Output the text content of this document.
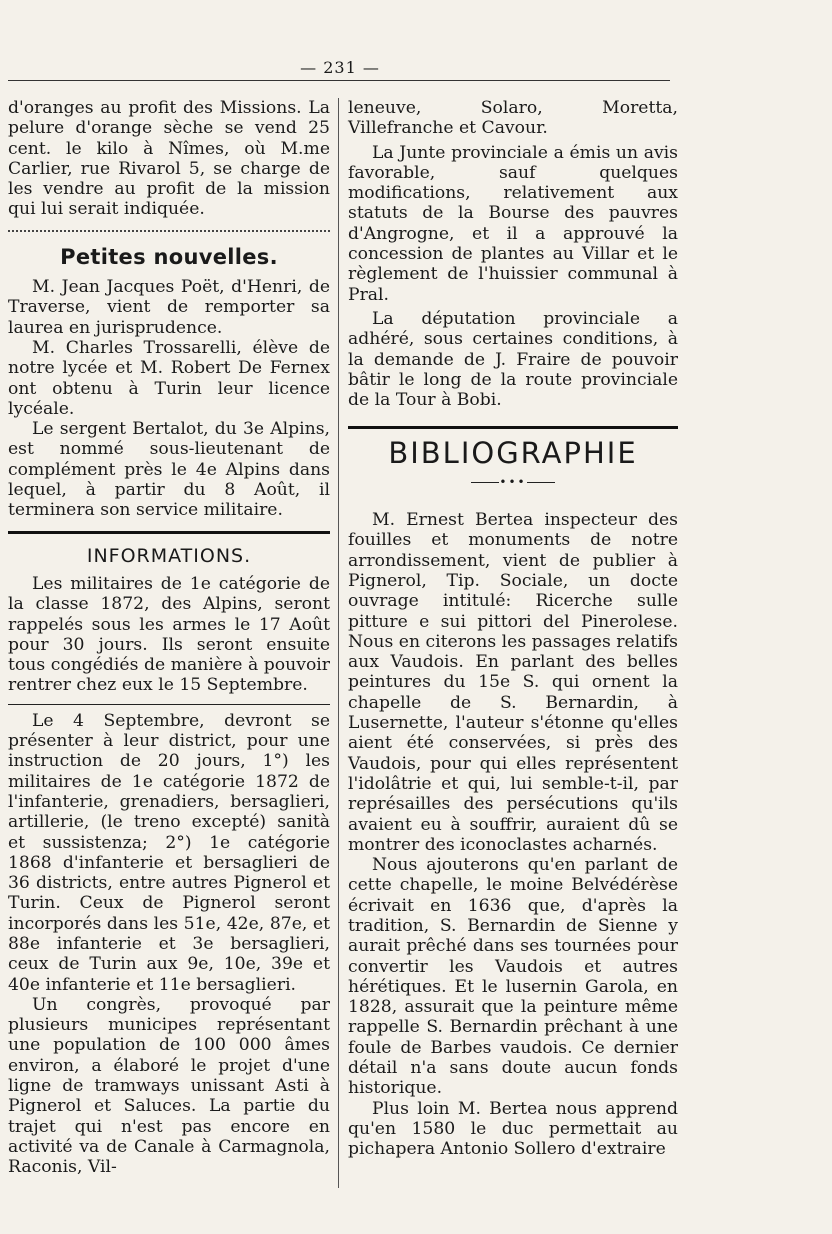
— 231 —

d'oranges au profit des Missions. La pelure d'orange sèche se vend 25 cent. le kilo à Nîmes, où M.me Carlier, rue Rivarol 5, se charge de les vendre au profit de la mission qui lui serait indiquée.

Petites nouvelles.

M. Jean Jacques Poët, d'Henri, de Traverse, vient de remporter sa laurea en jurisprudence.

M. Charles Trossarelli, élève de notre lycée et M. Robert De Fernex ont obtenu à Turin leur licence lycéale.

Le sergent Bertalot, du 3e Alpins, est nommé sous-lieutenant de complément près le 4e Alpins dans lequel, à partir du 8 Août, il terminera son service militaire.

INFORMATIONS.

Les militaires de 1e catégorie de la classe 1872, des Alpins, seront rappelés sous les armes le 17 Août pour 30 jours. Ils seront ensuite tous congédiés de manière à pouvoir rentrer chez eux le 15 Septembre.

Le 4 Septembre, devront se présenter à leur district, pour une instruction de 20 jours, 1°) les militaires de 1e catégorie 1872 de l'infanterie, grenadiers, bersaglieri, artillerie, (le treno excepté) sanità et sussistenza; 2°) 1e catégorie 1868 d'infanterie et bersaglieri de 36 districts, entre autres Pignerol et Turin. Ceux de Pignerol seront incorporés dans les 51e, 42e, 87e, et 88e infanterie et 3e bersaglieri, ceux de Turin aux 9e, 10e, 39e et 40e infanterie et 11e bersaglieri.

Un congrès, provoqué par plusieurs municipes représentant une population de 100 000 âmes environ, a élaboré le projet d'une ligne de tramways unissant Asti à Pignerol et Saluces. La partie du trajet qui n'est pas encore en activité va de Canale à Carmagnola, Raconis, Vil-

leneuve, Solaro, Moretta, Villefranche et Cavour.

La Junte provinciale a émis un avis favorable, sauf quelques modifications, relativement aux statuts de la Bourse des pauvres d'Angrogne, et il a approuvé la concession de plantes au Villar et le règlement de l'huissier communal à Pral.

La députation provinciale a adhéré, sous certaines conditions, à la demande de J. Fraire de pouvoir bâtir le long de la route provinciale de la Tour à Bobi.

BIBLIOGRAPHIE
•••

M. Ernest Bertea inspecteur des fouilles et monuments de notre arrondissement, vient de publier à Pignerol, Tip. Sociale, un docte ouvrage intitulé: Ricerche sulle pitture e sui pittori del Pinerolese. Nous en citerons les passages relatifs aux Vaudois. En parlant des belles peintures du 15e S. qui ornent la chapelle de S. Bernardin, à Lusernette, l'auteur s'étonne qu'elles aient été conservées, si près des Vaudois, pour qui elles représentent l'idolâtrie et qui, lui semble-t-il, par représailles des persécutions qu'ils avaient eu à souffrir, auraient dû se montrer des iconoclastes acharnés.

Nous ajouterons qu'en parlant de cette chapelle, le moine Belvédérèse écrivait en 1636 que, d'après la tradition, S. Bernardin de Sienne y aurait prêché dans ses tournées pour convertir les Vaudois et autres hérétiques. Et le lusernin Garola, en 1828, assurait que la peinture même rappelle S. Bernardin prêchant à une foule de Barbes vaudois. Ce dernier détail n'a sans doute aucun fonds historique.

Plus loin M. Bertea nous apprend qu'en 1580 le duc permettait au pichapera Antonio Sollero d'extraire
